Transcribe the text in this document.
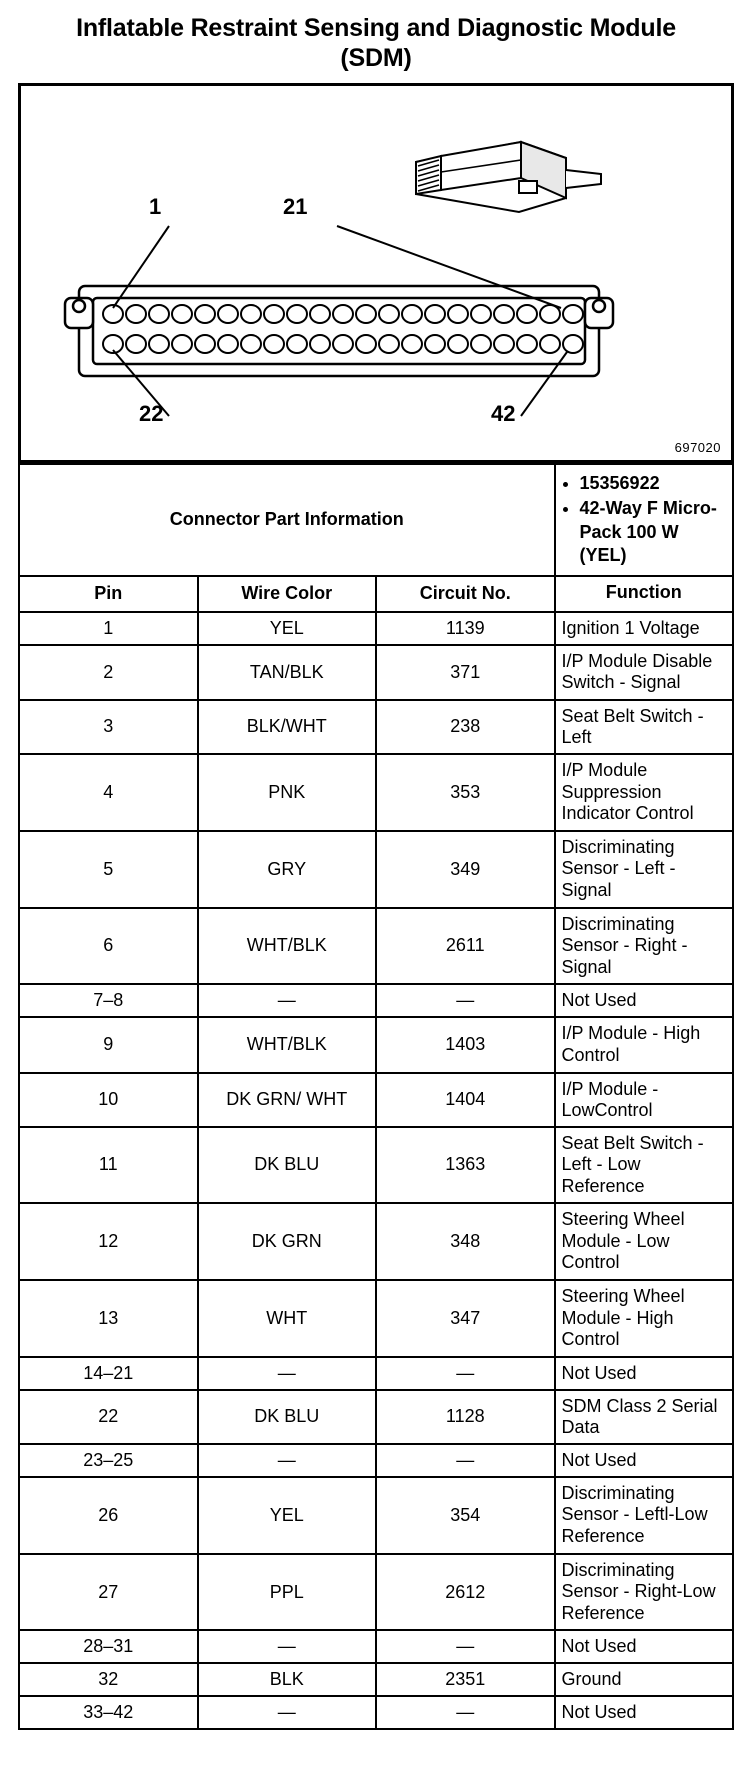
Inflatable Restraint Sensing and Diagnostic Module (SDM)
1	21
22	42
697020
Connector Part Information	
• 15356922
• 42-Way F Micro-Pack 100 W (YEL)

Pin	Wire Color	Circuit No.	Function
1	YEL	1139	Ignition 1 Voltage
2	TAN/BLK	371	I/P Module Disable Switch - Signal
3	BLK/WHT	238	Seat Belt Switch - Left
4	PNK	353	I/P Module Suppression Indicator Control
5	GRY	349	Discriminating Sensor - Left - Signal
6	WHT/BLK	2611	Discriminating Sensor - Right - Signal
7–8	—	—	Not Used
9	WHT/BLK	1403	I/P Module - High Control
10	DK GRN/ WHT	1404	I/P Module - LowControl
11	DK BLU	1363	Seat Belt Switch - Left - Low Reference
12	DK GRN	348	Steering Wheel Module - Low Control
13	WHT	347	Steering Wheel Module - High Control
14–21	—	—	Not Used
22	DK BLU	1128	SDM Class 2 Serial Data
23–25	—	—	Not Used
26	YEL	354	Discriminating Sensor - Leftl-Low Reference
27	PPL	2612	Discriminating Sensor - Right-Low Reference
28–31	—	—	Not Used
32	BLK	2351	Ground
33–42	—	—	Not Used
